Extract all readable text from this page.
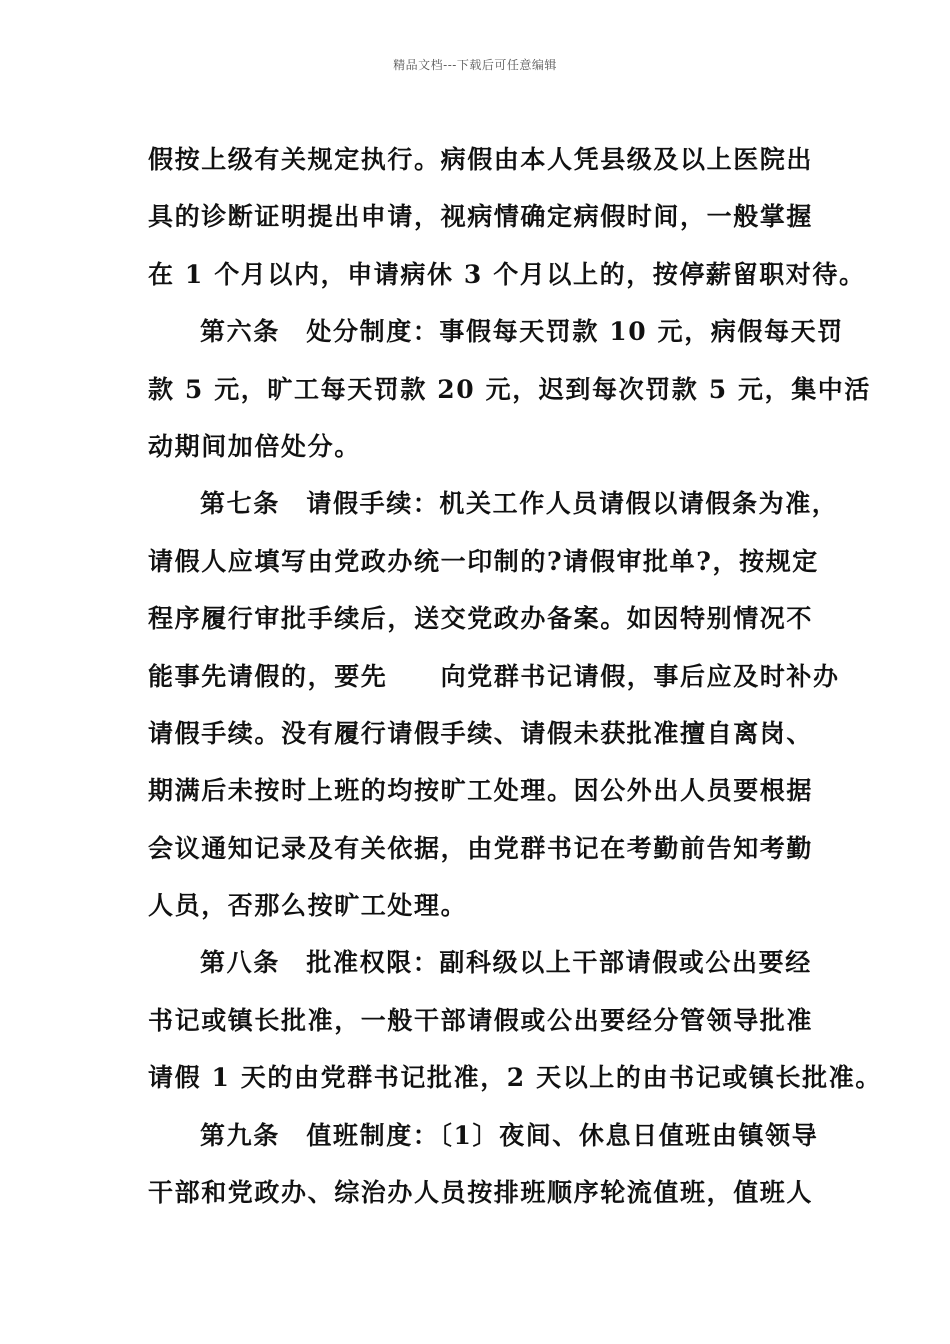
精品文档---下载后可任意编辑
假按上级有关规定执行。病假由本人凭县级及以上医院出
具的诊断证明提出申请，视病情确定病假时间，一般掌握
在 1 个月以内，申请病休 3 个月以上的，按停薪留职对待。
第六条　处分制度：事假每天罚款 10 元，病假每天罚
款 5 元，旷工每天罚款 20 元，迟到每次罚款 5 元，集中活
动期间加倍处分。
第七条　请假手续：机关工作人员请假以请假条为准，
请假人应填写由党政办统一印制的?请假审批单?，按规定
程序履行审批手续后，送交党政办备案。如因特别情况不
能事先请假的，要先　　向党群书记请假，事后应及时补办
请假手续。没有履行请假手续、请假未获批准擅自离岗、
期满后未按时上班的均按旷工处理。因公外出人员要根据
会议通知记录及有关依据，由党群书记在考勤前告知考勤
人员，否那么按旷工处理。
第八条　批准权限：副科级以上干部请假或公出要经
书记或镇长批准，一般干部请假或公出要经分管领导批准
请假 1 天的由党群书记批准，2 天以上的由书记或镇长批准。
第九条　值班制度：〔1〕夜间、休息日值班由镇领导
干部和党政办、综治办人员按排班顺序轮流值班，值班人
